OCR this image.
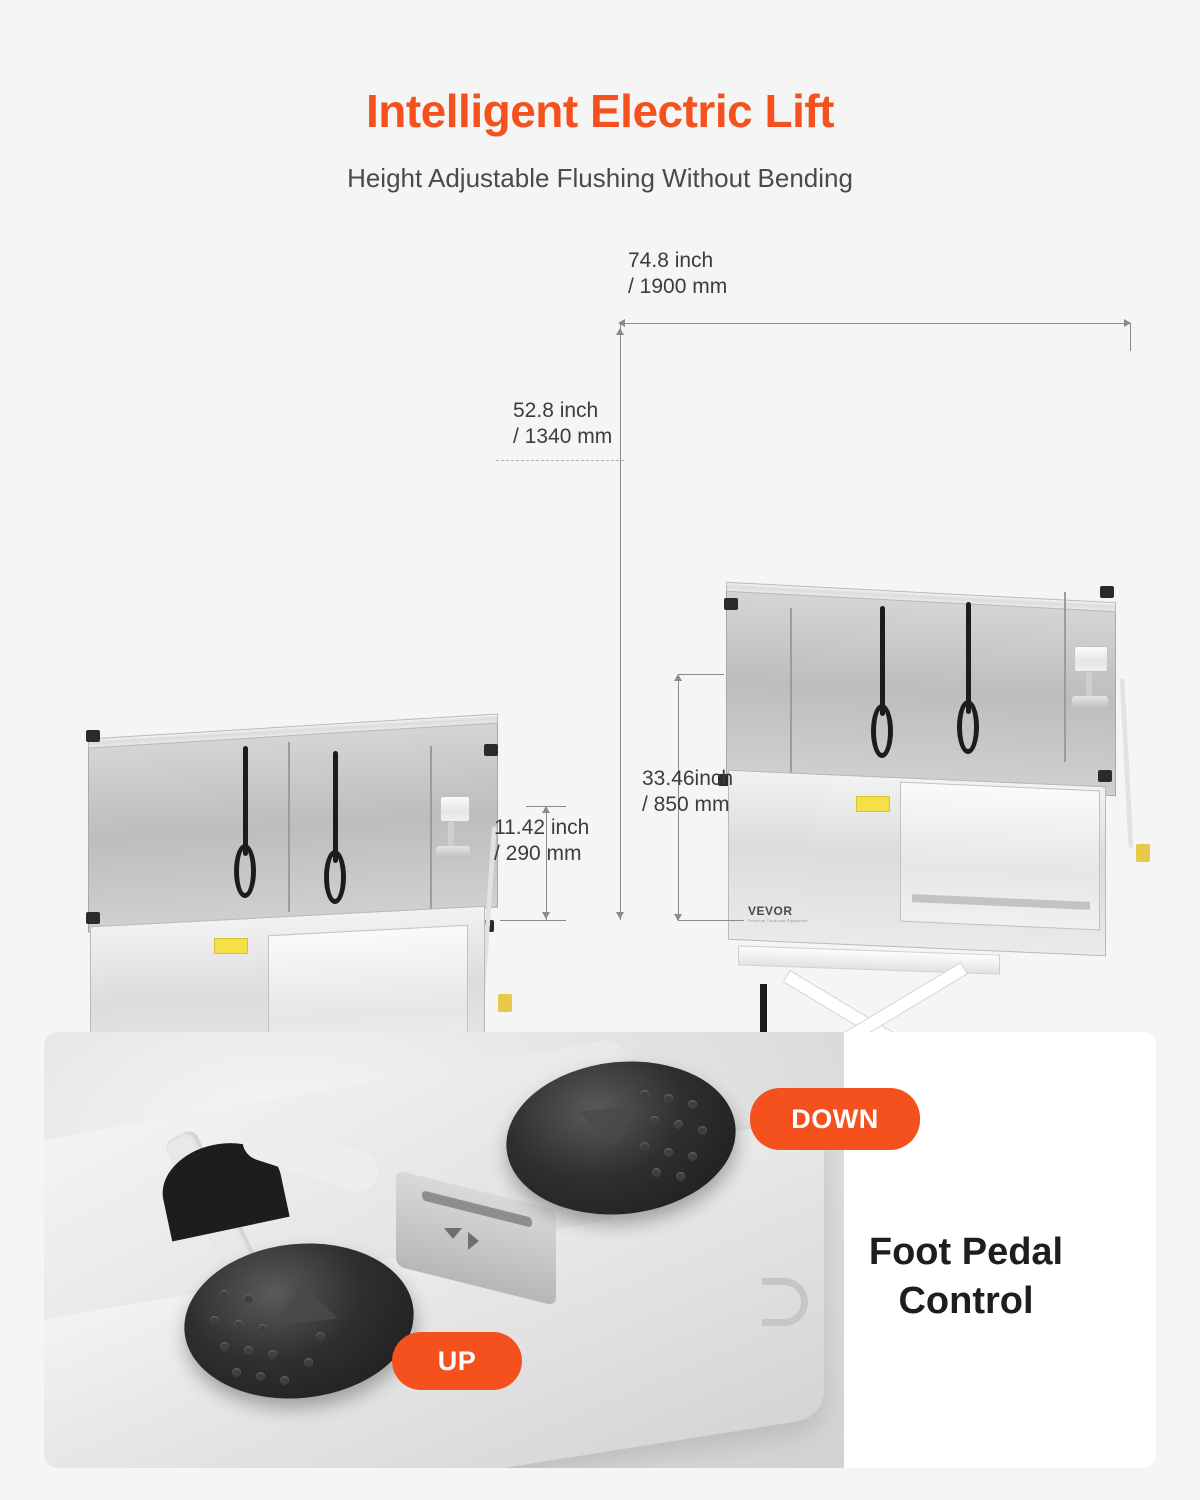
Intelligent Electric Lift

Height Adjustable Flushing Without Bending

VEVOR
Premium Tools and Equipment
74.8 inch
/ 1900 mm
52.8 inch
/ 1340 mm
33.46inch
/ 850 mm
11.42 inch
/ 290 mm
DOWN
UP
Foot Pedal
Control
